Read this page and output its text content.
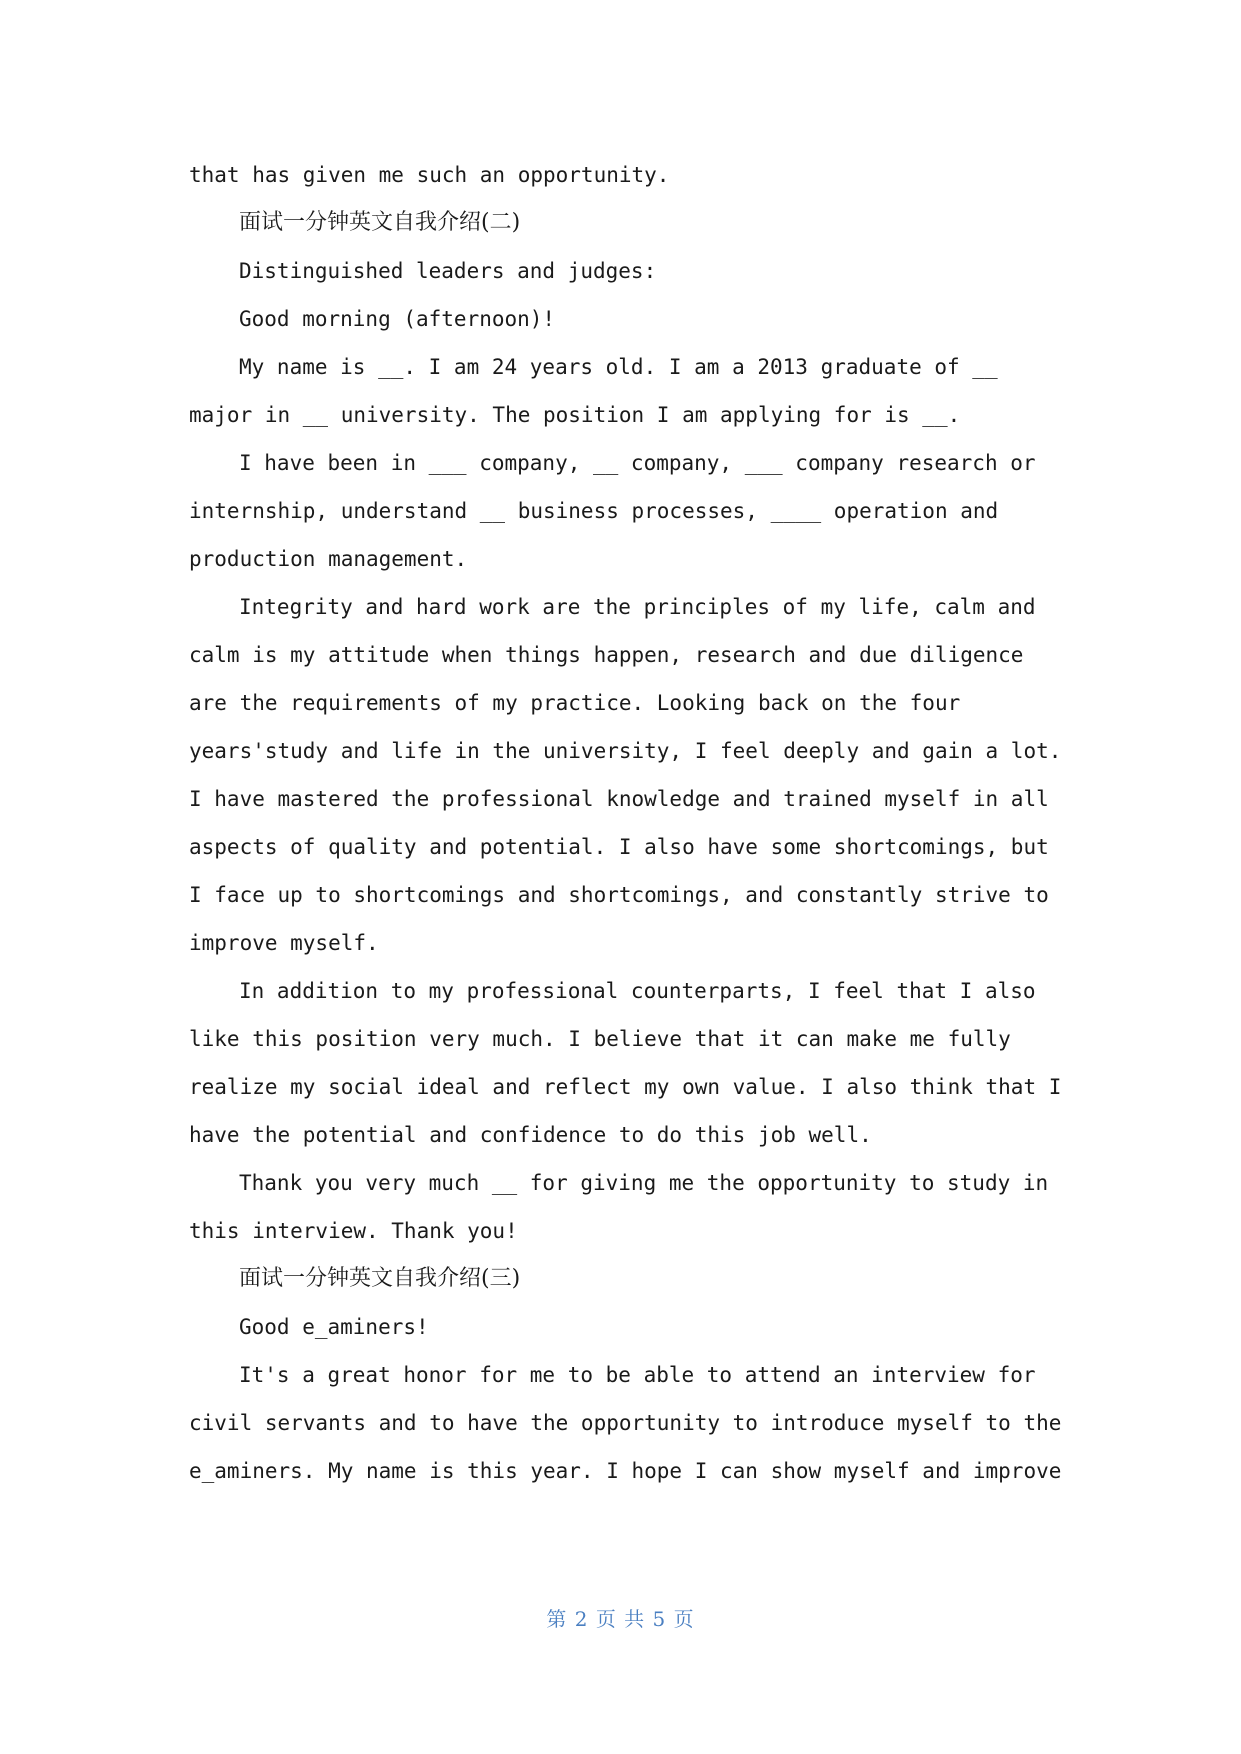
that has given me such an opportunity.
面试一分钟英文自我介绍(二)
Distinguished leaders and judges:
Good morning (afternoon)!
My name is __. I am 24 years old. I am a 2013 graduate of __
major in __ university. The position I am applying for is __.
I have been in ___ company, __ company, ___ company research or
internship, understand __ business processes, ____ operation and
production management.
Integrity and hard work are the principles of my life, calm and
calm is my attitude when things happen, research and due diligence
are the requirements of my practice. Looking back on the four
years'study and life in the university, I feel deeply and gain a lot.
I have mastered the professional knowledge and trained myself in all
aspects of quality and potential. I also have some shortcomings, but
I face up to shortcomings and shortcomings, and constantly strive to
improve myself.
In addition to my professional counterparts, I feel that I also
like this position very much. I believe that it can make me fully
realize my social ideal and reflect my own value. I also think that I
have the potential and confidence to do this job well.
Thank you very much __ for giving me the opportunity to study in
this interview. Thank you!
面试一分钟英文自我介绍(三)
Good e_aminers!
It's a great honor for me to be able to attend an interview for
civil servants and to have the opportunity to introduce myself to the
e_aminers. My name is this year. I hope I can show myself and improve
第 2 页 共 5 页
